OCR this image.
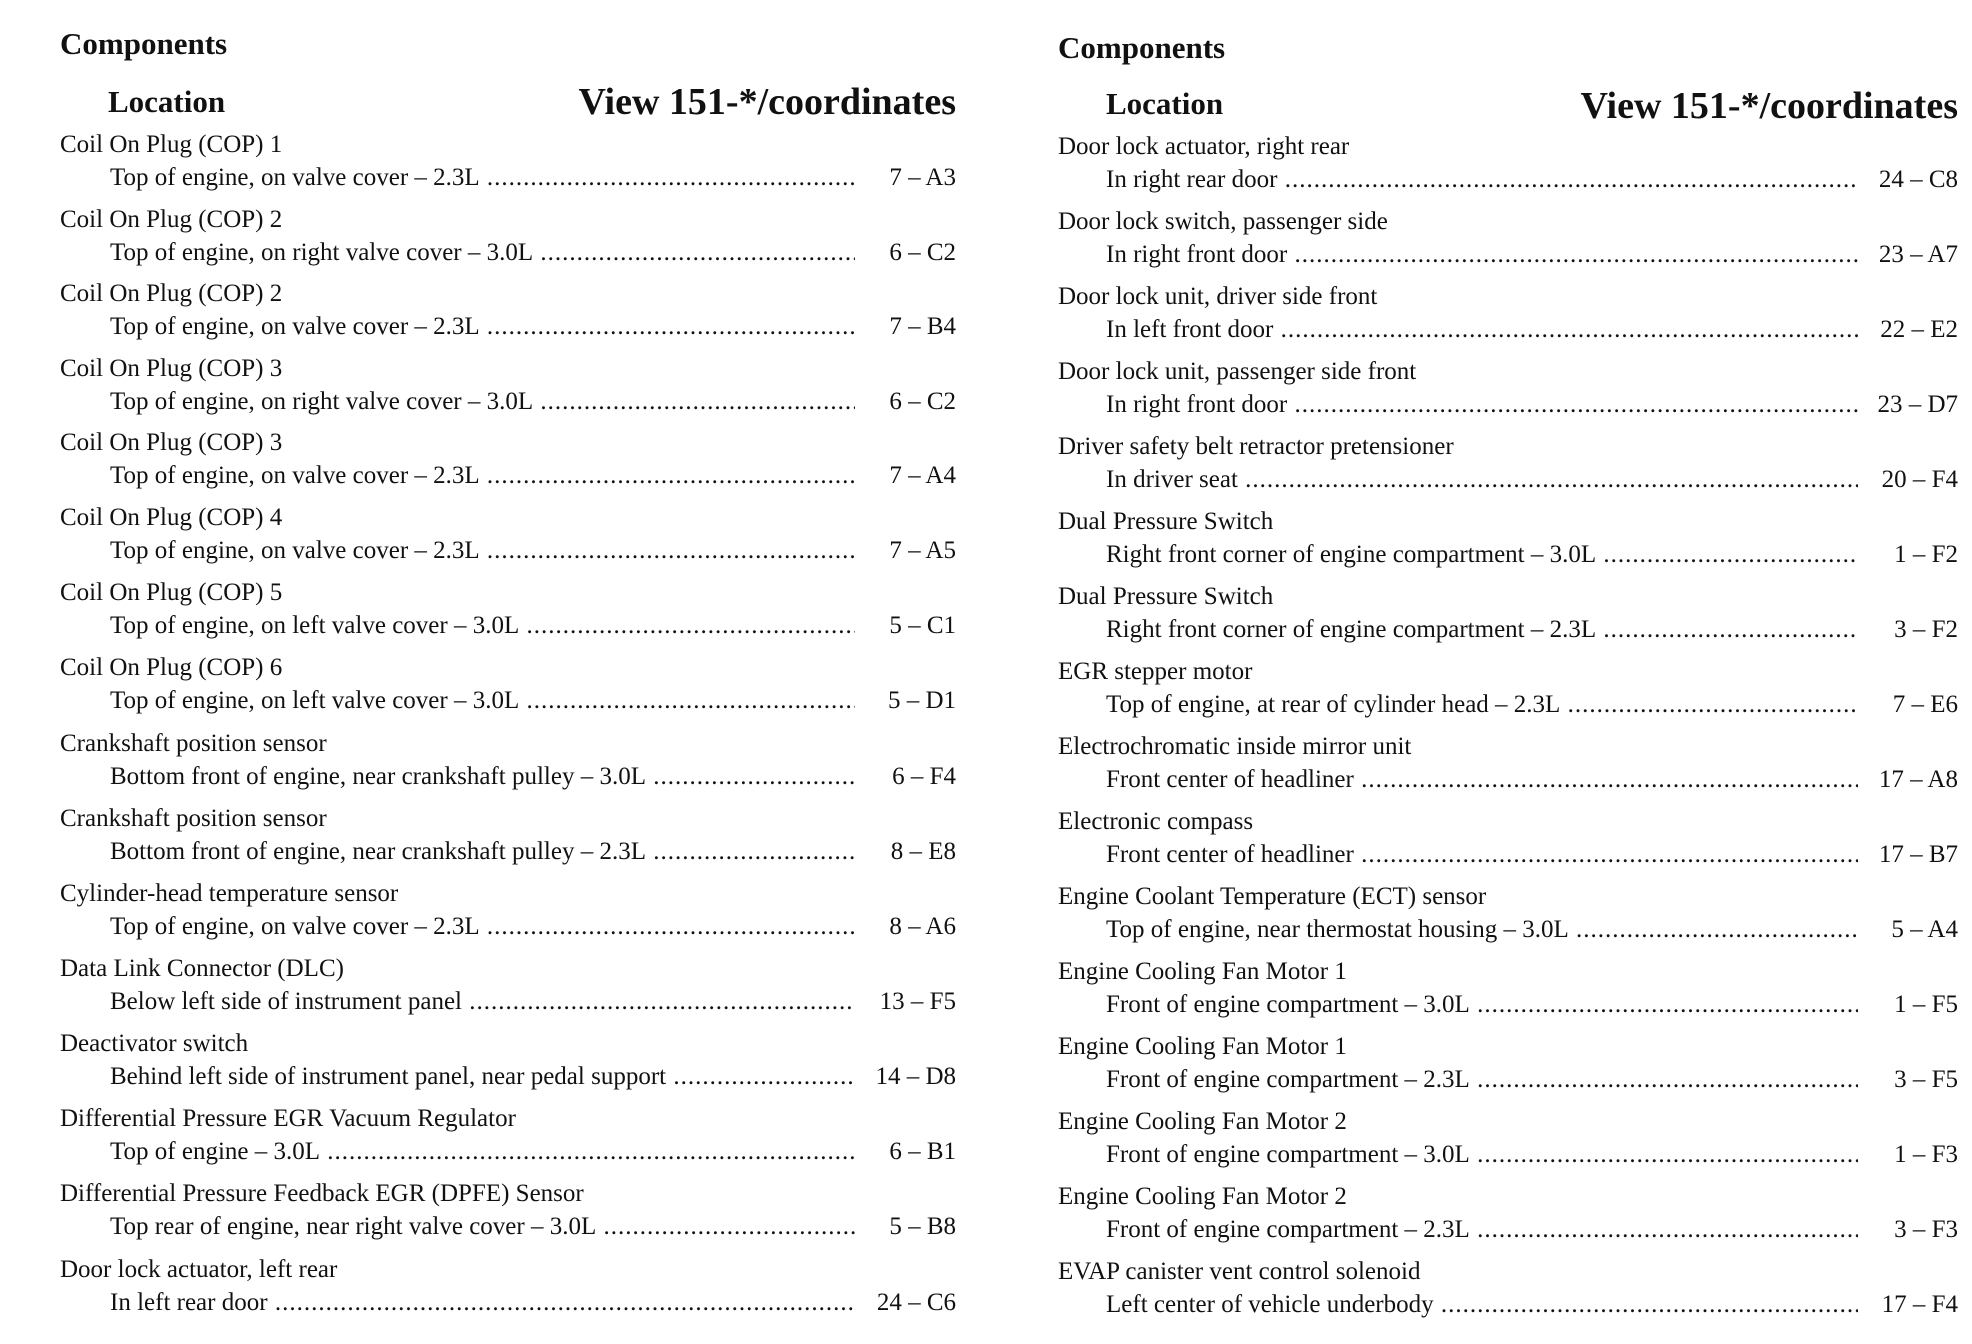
Components
Location	View 151-*/coordinates
Coil On Plug (COP) 1
Top of engine, on valve cover – 2.3L .....	7 – A3
Coil On Plug (COP) 2
Top of engine, on right valve cover – 3.0L .....	6 – C2
Coil On Plug (COP) 2
Top of engine, on valve cover – 2.3L .....	7 – B4
Coil On Plug (COP) 3
Top of engine, on right valve cover – 3.0L .....	6 – C2
Coil On Plug (COP) 3
Top of engine, on valve cover – 2.3L .....	7 – A4
Coil On Plug (COP) 4
Top of engine, on valve cover – 2.3L .....	7 – A5
Coil On Plug (COP) 5
Top of engine, on left valve cover – 3.0L .....	5 – C1
Coil On Plug (COP) 6
Top of engine, on left valve cover – 3.0L .....	5 – D1
Crankshaft position sensor
Bottom front of engine, near crankshaft pulley – 3.0L .....	6 – F4
Crankshaft position sensor
Bottom front of engine, near crankshaft pulley – 2.3L .....	8 – E8
Cylinder-head temperature sensor
Top of engine, on valve cover – 2.3L .....	8 – A6
Data Link Connector (DLC)
Below left side of instrument panel .....	13 – F5
Deactivator switch
Behind left side of instrument panel, near pedal support .....	14 – D8
Differential Pressure EGR Vacuum Regulator
Top of engine – 3.0L .....	6 – B1
Differential Pressure Feedback EGR (DPFE) Sensor
Top rear of engine, near right valve cover – 3.0L .....	5 – B8
Door lock actuator, left rear
In left rear door .....	24 – C6
Components
Location	View 151-*/coordinates
Door lock actuator, right rear
In right rear door .....	24 – C8
Door lock switch, passenger side
In right front door .....	23 – A7
Door lock unit, driver side front
In left front door .....	22 – E2
Door lock unit, passenger side front
In right front door .....	23 – D7
Driver safety belt retractor pretensioner
In driver seat .....	20 – F4
Dual Pressure Switch
Right front corner of engine compartment – 3.0L .....	1 – F2
Dual Pressure Switch
Right front corner of engine compartment – 2.3L .....	3 – F2
EGR stepper motor
Top of engine, at rear of cylinder head – 2.3L .....	7 – E6
Electrochromatic inside mirror unit
Front center of headliner .....	17 – A8
Electronic compass
Front center of headliner .....	17 – B7
Engine Coolant Temperature (ECT) sensor
Top of engine, near thermostat housing – 3.0L .....	5 – A4
Engine Cooling Fan Motor 1
Front of engine compartment – 3.0L .....	1 – F5
Engine Cooling Fan Motor 1
Front of engine compartment – 2.3L .....	3 – F5
Engine Cooling Fan Motor 2
Front of engine compartment – 3.0L .....	1 – F3
Engine Cooling Fan Motor 2
Front of engine compartment – 2.3L .....	3 – F3
EVAP canister vent control solenoid
Left center of vehicle underbody .....	17 – F4
